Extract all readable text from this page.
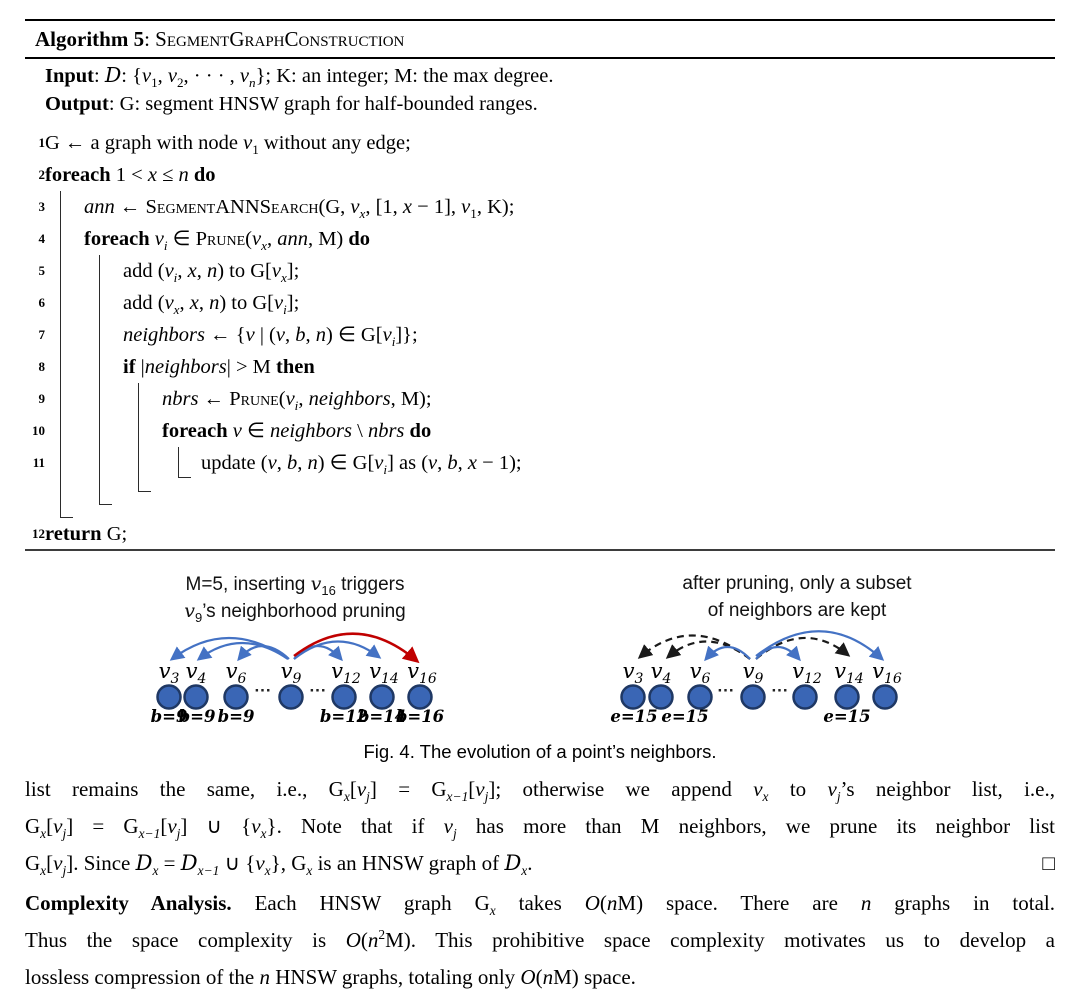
Algorithm 5: SegmentGraphConstruction
Input: D: {$v_1$, $v_2$, · · · , $v_n$}; K: an integer; M: the max degree.
Output: G: segment HNSW graph for half-bounded ranges.
1 G ← a graph with node $v_1$ without any edge;
2 foreach 1 < x ≤ n do
3 ann ← SegmentANNSearch(G, $v_x$, [1, x − 1], $v_1$, K);
4 foreach $v_i$ ∈ $Prune(v_x$, ann, M) do
5	add ($v_i$, x, n) to $G[v_x]$;
6	add ($v_x$, x, n) to $G[v_i]$;
7	neighbors ← {v | (v, b, n) ∈ $G[v_i]$};
8	if |neighbors| > M then
9	nbrs ← $Prune(v_i$, neighbors, M);
10	foreach v ∈ neighbors \ nbrs do
11	update (v, b, n) ∈ $G[v_i]$ as (v, b, x − 1);
12 return G;
M=5, inserting $v_{16}$ triggers
$v_9’s$ neighborhood pruning
$v_3$ $v_4$ $v_6$ $v_9$ $v_{12}$ $v_{14}$ $v_{16}$
··· ···
b=9
b=9 b=9	b=12
b=14
b=16
after pruning, only a subset
of neighbors are kept
$v_3$ $v_4$ $v_6$ $v_9$ $v_{12}$ $v_{14}$ $v_{16}$
··· ···
e=15 e=15	e=15
Fig. 4. The evolution of a point’s neighbors.
list remains the same, i.e., $G_x[v_j] = G_{x-1}[v_j]$; otherwise we append $v_x$ to $v_j’s$ neighbor list, i.e.,
$G_x[v_j] = G_{x-1}[v_j]$ ∪ $\{v_x\}$. Note that if $v_j$ has more than M neighbors, we prune its neighbor list
□
$G_x[v_j]$. Since $D_x = D_{x-1}$ ∪ $\{v_x\}$, $G_x$ is an HNSW graph of $D_x$.
Complexity Analysis. Each HNSW graph $G_x$ takes O(nM) space. There are n graphs in total.
Thus the space complexity is $O(n^2M)$. This prohibitive space complexity motivates us to develop a
lossless compression of the n HNSW graphs, totaling only O(nM) space.
